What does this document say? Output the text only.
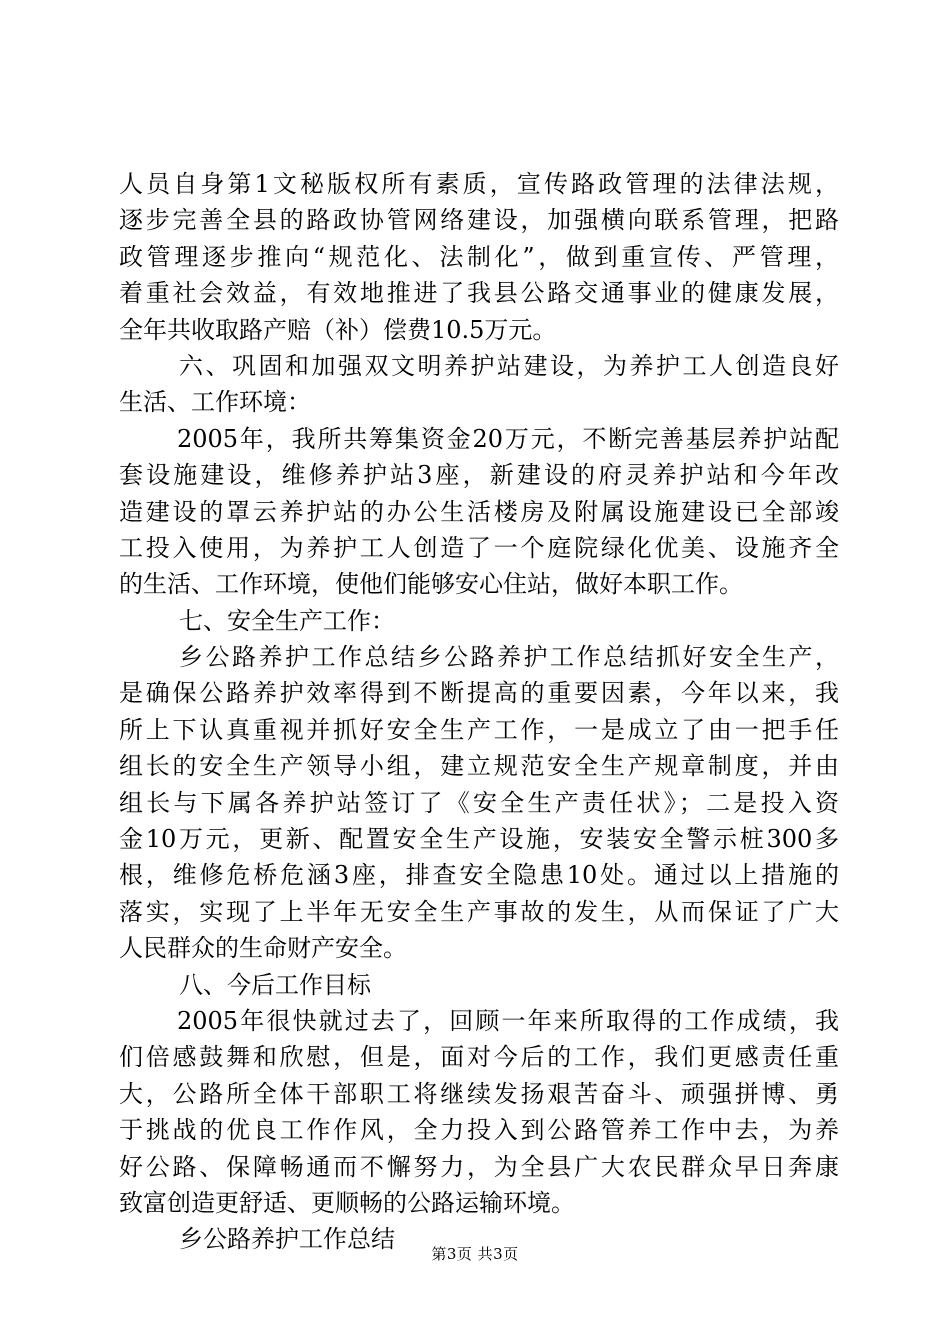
人员自身第1文秘版权所有素质，宣传路政管理的法律法规，
逐步完善全县的路政协管网络建设，加强横向联系管理，把路
政管理逐步推向“规范化、法制化”，做到重宣传、严管理，
着重社会效益，有效地推进了我县公路交通事业的健康发展，
全年共收取路产赔（补）偿费10.5万元。
六、巩固和加强双文明养护站建设，为养护工人创造良好
生活、工作环境：
2005年，我所共筹集资金20万元，不断完善基层养护站配
套设施建设，维修养护站3座，新建设的府灵养护站和今年改
造建设的罩云养护站的办公生活楼房及附属设施建设已全部竣
工投入使用，为养护工人创造了一个庭院绿化优美、设施齐全
的生活、工作环境，使他们能够安心住站，做好本职工作。
七、安全生产工作：
乡公路养护工作总结乡公路养护工作总结抓好安全生产，
是确保公路养护效率得到不断提高的重要因素，今年以来，我
所上下认真重视并抓好安全生产工作，一是成立了由一把手任
组长的安全生产领导小组，建立规范安全生产规章制度，并由
组长与下属各养护站签订了《安全生产责任状》；二是投入资
金10万元，更新、配置安全生产设施，安装安全警示桩300多
根，维修危桥危涵3座，排查安全隐患10处。通过以上措施的
落实，实现了上半年无安全生产事故的发生，从而保证了广大
人民群众的生命财产安全。
八、今后工作目标
2005年很快就过去了，回顾一年来所取得的工作成绩，我
们倍感鼓舞和欣慰，但是，面对今后的工作，我们更感责任重
大，公路所全体干部职工将继续发扬艰苦奋斗、顽强拼博、勇
于挑战的优良工作作风，全力投入到公路管养工作中去，为养
好公路、保障畅通而不懈努力，为全县广大农民群众早日奔康
致富创造更舒适、更顺畅的公路运输环境。
乡公路养护工作总结
第3页 共3页
